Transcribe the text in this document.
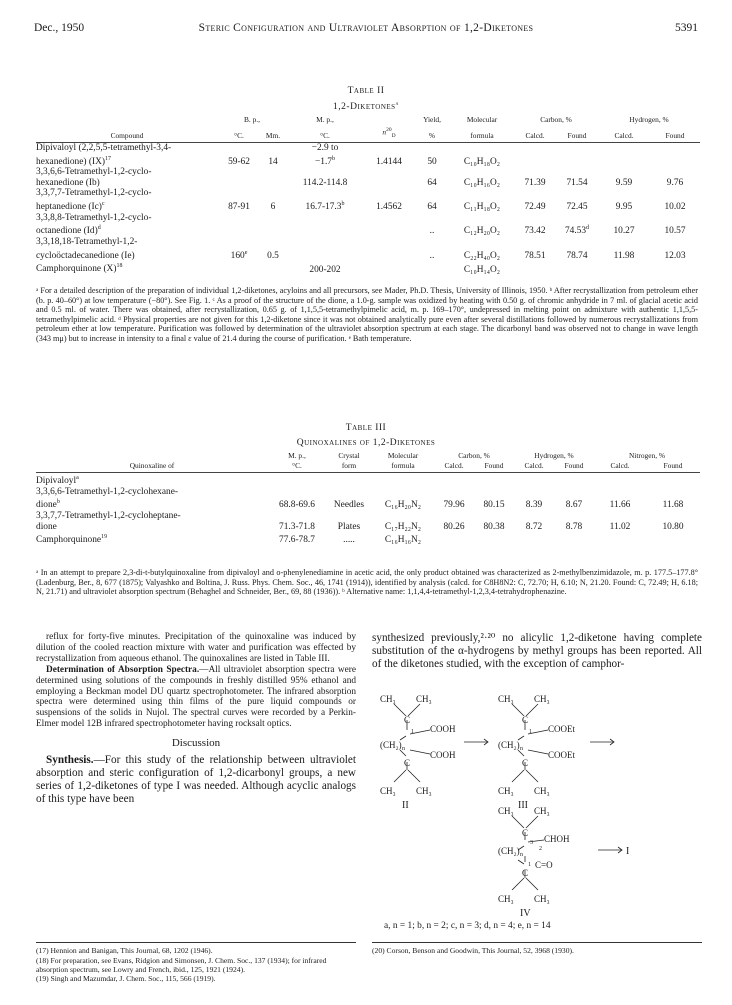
Dec., 1950	Steric Configuration and Ultraviolet Absorption of 1,2-Diketones	5391
Table II
1,2-Diketones$^a$
	B. p.,		M. p.,		Yield,	Molecular	Carbon, %		Hydrogen, %	
Compound	°C.	Mm.	°C.	$n^{20}_D$	%	formula	Calcd.	Found	Calcd.	Found
Dipivaloyl (2,2,5,5-tetramethyl-3,4-			−2.9 to							
hexanedione) (IX)$^{17}$	59-62	14	−1.7$^b$	1.4144	50	C₁₀H₁₈O₂				
3,3,6,6-Tetramethyl-1,2-cyclo-										
hexanedione (Ib)			114.2-114.8		64	C₁₀H₁₆O₂	71.39	71.54	9.59	9.76
3,3,7,7-Tetramethyl-1,2-cyclo-										
heptanedione $(Ic)^c$	87-91	6	16.7-17.3$^b$	1.4562	64	C₁₁H₁₈O₂	72.49	72.45	9.95	10.02
3,3,8,8-Tetramethyl-1,2-cyclo-										
octanedione $(Id)^d$					..	C₁₂H₂₀O₂	73.42	74.53$^d$	10.27	10.57
3,3,18,18-Tetramethyl-1,2-										
cycloöctadecanedione (Ie)	160e	0.5			..	C₂₂H₄₀O₂	78.51	78.74	11.98	12.03
Camphorquinone $(X)^{18}$			200-202			C₁₀H₁₄O₂				
ᵃ For a detailed description of the preparation of individual 1,2-diketones, acyloins and all precursors, see Mader, Ph.D. Thesis, University of Illinois, 1950. ᵇ After recrystallization from petroleum ether (b. p. 40–60°) at low temperature (−80°). See Fig. 1. ᶜ As a proof of the structure of the dione, a 1.0-g. sample was oxidized by heating with 0.50 g. of chromic anhydride in 7 ml. of glacial acetic acid and 0.5 ml. of water. There was obtained, after recrystallization, 0.65 g. of 1,1,5,5-tetramethylpimelic acid, m. p. 169–170°, undepressed in melting point on admixture with authentic 1,1,5,5-tetramethylpimelic acid. ᵈ Physical properties are not given for this 1,2-diketone since it was not obtained analytically pure even after several distillations followed by numerous recrystallizations from petroleum ether at low temperature. Purification was followed by determination of the ultraviolet absorption spectrum at each stage. The dicarbonyl band was observed not to change in wave length (343 mμ) but to increase in intensity to a final ε value of 21.4 during the course of purification. ᵉ Bath temperature.
Table III
Quinoxalines of 1,2-Diketones
	M. p.,	Crystal	Molecular	Carbon, %		Hydrogen, %		Nitrogen, %	
Quinoxaline of	°C.	form	formula	Calcd.	Found	Calcd.	Found	Calcd.	Found
Dipivaloyl$^a$									
3,3,6,6-Tetramethyl-1,2-cyclohexane-									
dione$^b$	68.8-69.6	Needles	C₁₆H₂₀N₂	79.96	80.15	8.39	8.67	11.66	11.68
3,3,7,7-Tetramethyl-1,2-cycloheptane-									
dione	71.3-71.8	Plates	C₁₇H₂₂N₂	80.26	80.38	8.72	8.78	11.02	10.80
Camphorquinone$^{19}$	77.6-78.7	.....	C₁₆H₁₆N₂						
ᵃ In an attempt to prepare 2,3-di-t-butylquinoxaline from dipivaloyl and o-phenylenediamine in acetic acid, the only product obtained was characterized as 2-methylbenzimidazole, m. p. 177.5–177.8° (Ladenburg, Ber., 8, 677 (1875); Valyashko and Boltina, J. Russ. Phys. Chem. Soc., 46, 1741 (1914)), identified by analysis (calcd. for C8H8N2: C, 72.70; H, 6.10; N, 21.20. Found: C, 72.49; H, 6.18; N, 21.71) and ultraviolet absorption spectrum (Behaghel and Schneider, Ber., 69, 88 (1936)). ᵇ Alternative name: 1,1,4,4-tetramethyl-1,2,3,4-tetrahydrophenazine.

reflux for forty-five minutes. Precipitation of the quinoxaline was induced by dilution of the cooled reaction mixture with water and purification was effected by recrystallization from aqueous ethanol. The quinoxalines are listed in Table III.

Determination of Absorption Spectra.—All ultraviolet absorption spectra were determined using solutions of the compounds in freshly distilled 95% ethanol and employing a Beckman model DU quartz spectrophotometer. The infrared absorption spectra were determined using thin films of the pure liquid compounds or suspensions of the solids in Nujol. The spectral curves were recorded by a Perkin-Elmer model 12B infrared spectrophotometer having rocksalt optics.

Discussion

Synthesis.—For this study of the relationship between ultraviolet absorption and steric configuration of 1,2-dicarbonyl groups, a new series of 1,2-diketones of type I was needed. Although acyclic analogs of this type have been

(17) Hennion and Banigan, This Journal, 68, 1202 (1946).
(18) For preparation, see Evans, Ridgion and Simonsen, J. Chem. Soc., 137 (1934); for infrared absorption spectrum, see Lowry and French, ibid., 125, 1921 (1924).
(19) Singh and Mazumdar, J. Chem. Soc., 115, 566 (1919).

synthesized previously,²·²⁰ no alicylic 1,2-diketone having complete substitution of the α-hydrogens by methyl groups has been reported. All of the diketones studied, with the exception of camphor-

CH₃ CH₃
C
1 COOH
(CH₂) n
COOH
C
CH₃ CH₃
CH₃ CH₃
C
1 COOEt
(CH₂) n
COOEt
C
CH₃ CH₃
CH₃ CH₃
C
3 CHOH
2
(CH₂) n
1 C=O
C
CH₃ CH₃
II	III
IV
I
a, n = 1; b, n = 2; c, n = 3; d, n = 4; e, n = 14
(20) Corson, Benson and Goodwin, This Journal, 52, 3968 (1930).
